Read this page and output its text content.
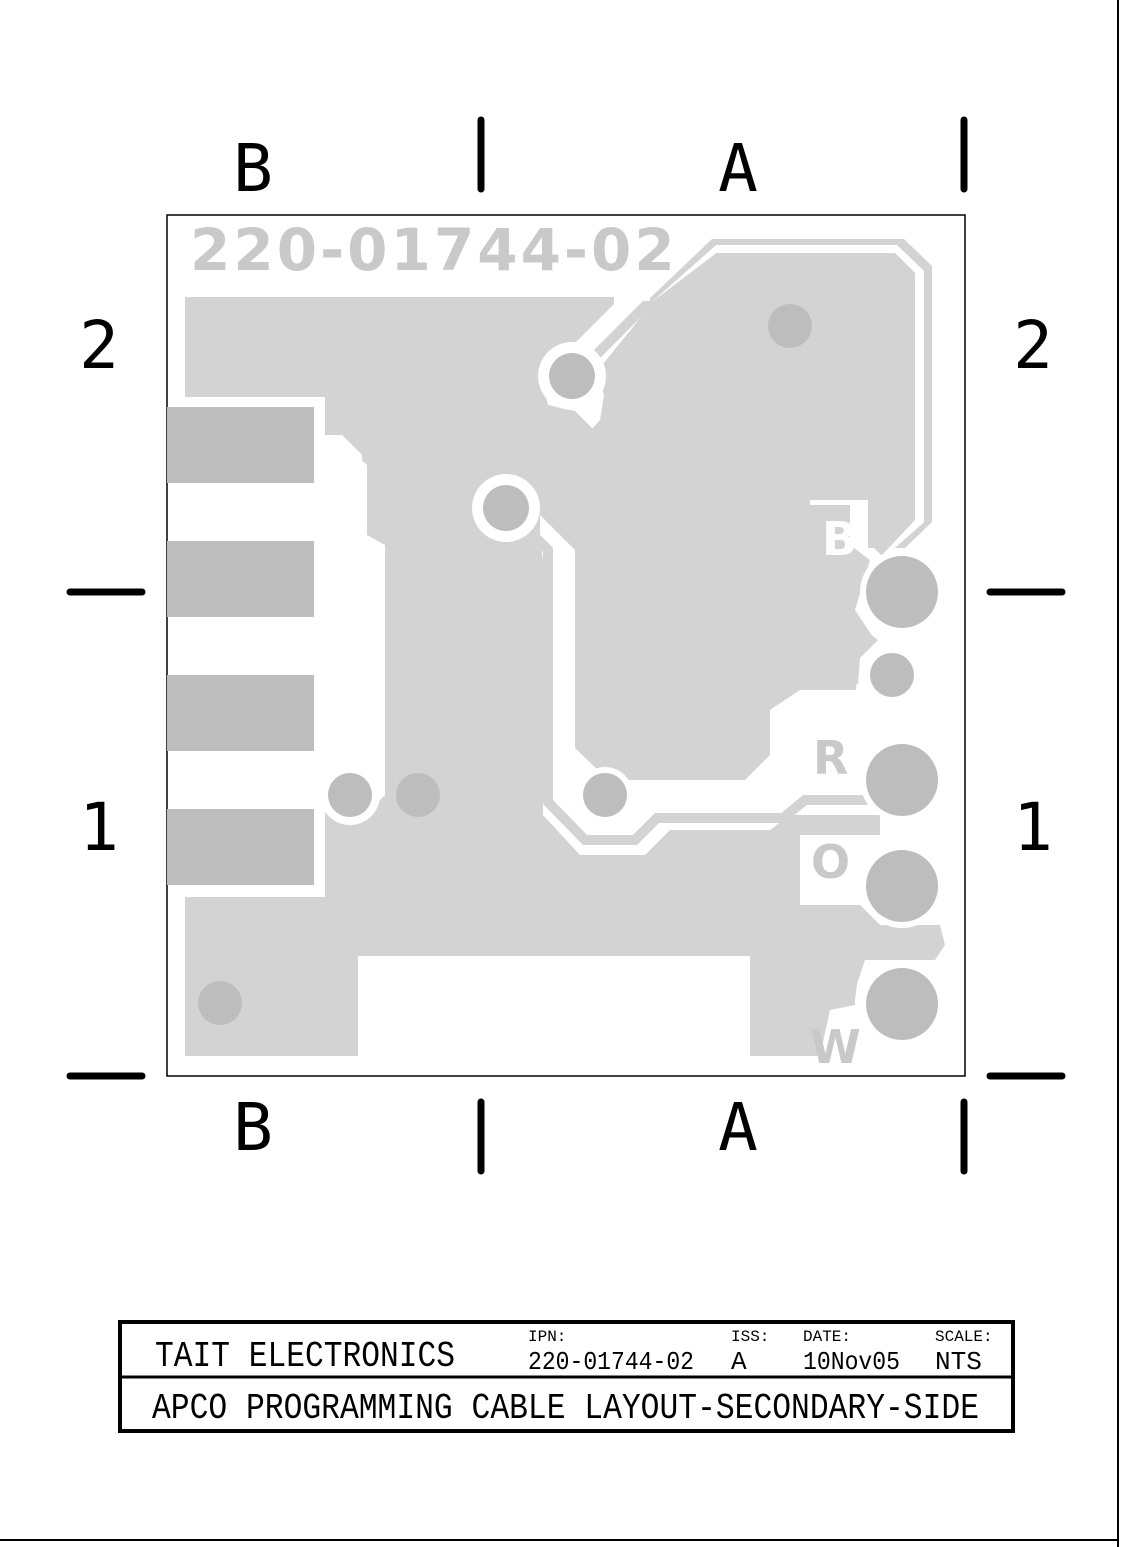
B	A
B	A
2
1
2
1
220-01744-02
B
R
O
W
TAIT ELECTRONICS	IPN:
220-01744-02
ISS:
A
DATE:
10Nov05
SCALE:
NTS
APCO PROGRAMMING CABLE LAYOUT-SECONDARY-SIDE
